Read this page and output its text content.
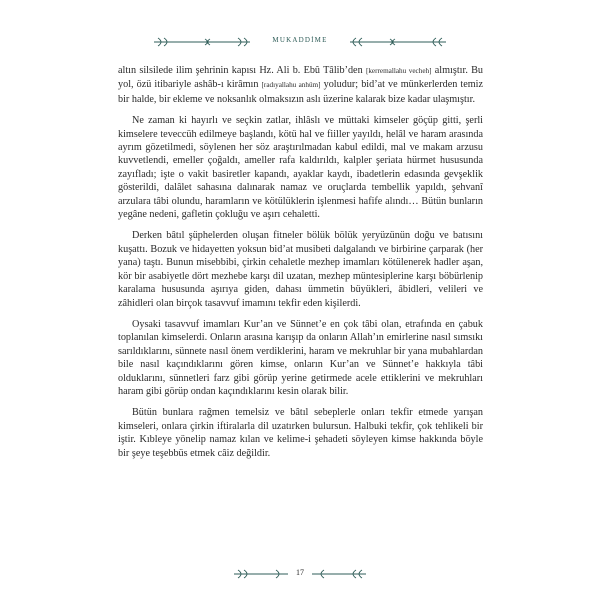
MUKADDİME

altın silsilede ilim şehrinin kapısı Hz. Ali b. Ebû Tâlib’den [kerremallahu vecheh] almıştır. Bu yol, özü itibariyle ashâb-ı kirâmın [radıyallahu anhüm] yoludur; bid’at ve münkerlerden temiz bir halde, bir ekleme ve noksanlık olmaksızın aslı üzerine kalarak bize kadar ulaşmıştır.

Ne zaman ki hayırlı ve seçkin zatlar, ihlâslı ve müttaki kimseler göçüp gitti, şerli kimselere teveccüh edilmeye başlandı, kötü hal ve fiiller yayıldı, helâl ve haram arasında ayrım gözetilmedi, söylenen her söz araştırılmadan kabul edildi, mal ve makam arzusu kuvvetlendi, emeller çoğaldı, ameller rafa kaldırıldı, kalpler şeriata hürmet hususunda zayıfladı; işte o vakit basiretler kapandı, ayaklar kaydı, ibadetlerin edasında gevşeklik gösterildi, dalâlet sahasına dalınarak namaz ve oruçlarda tembellik yapıldı, şehvanî arzulara tâbi olundu, haramların ve kötülüklerin işlenmesi hafife alındı… Bütün bunların yegâne nedeni, gafletin çokluğu ve aşırı cehaletti.

Derken bâtıl şüphelerden oluşan fitneler bölük bölük yeryüzünün doğu ve batısını kuşattı. Bozuk ve hidayetten yoksun bid’at musibeti dalgalandı ve birbirine çarparak (her yana) taştı. Bunun misebbibi, çirkin cehaletle mezhep imamları kötülenerek hadler aşan, kör bir asabiyetle dört mezhebe karşı dil uzatan, mezhep müntesiplerine karşı böbürlenip karalama hususunda aşırıya giden, dahası ümmetin büyükleri, âbidleri, velileri ve zâhidleri olan birçok tasavvuf imamını tekfir eden kişilerdi.

Oysaki tasavvuf imamları Kur’an ve Sünnet’e en çok tâbi olan, etrafında en çabuk toplanılan kimselerdi. Onların arasına karışıp da onların Allah’ın emirlerine nasıl sımsıkı sarıldıklarını, sünnete nasıl önem verdiklerini, haram ve mekruhlar bir yana mubahlardan bile nasıl kaçındıklarını gören kimse, onların Kur’an ve Sünnet’e hakkıyla tâbi olduklarını, sünnetleri farz gibi görüp yerine getirmede acele ettiklerini ve mekruhları haram gibi görüp ondan kaçındıklarını kesin olarak bilir.

Bütün bunlara rağmen temelsiz ve bâtıl sebeplerle onları tekfir etmede yarışan kimseleri, onlara çirkin iftiralarla dil uzatırken bulursun. Halbuki tekfir, çok tehlikeli bir iştir. Kıbleye yönelip namaz kılan ve kelime-i şehadeti söyleyen kimse hakkında böyle bir şeye teşebbüs etmek câiz değildir.

17
